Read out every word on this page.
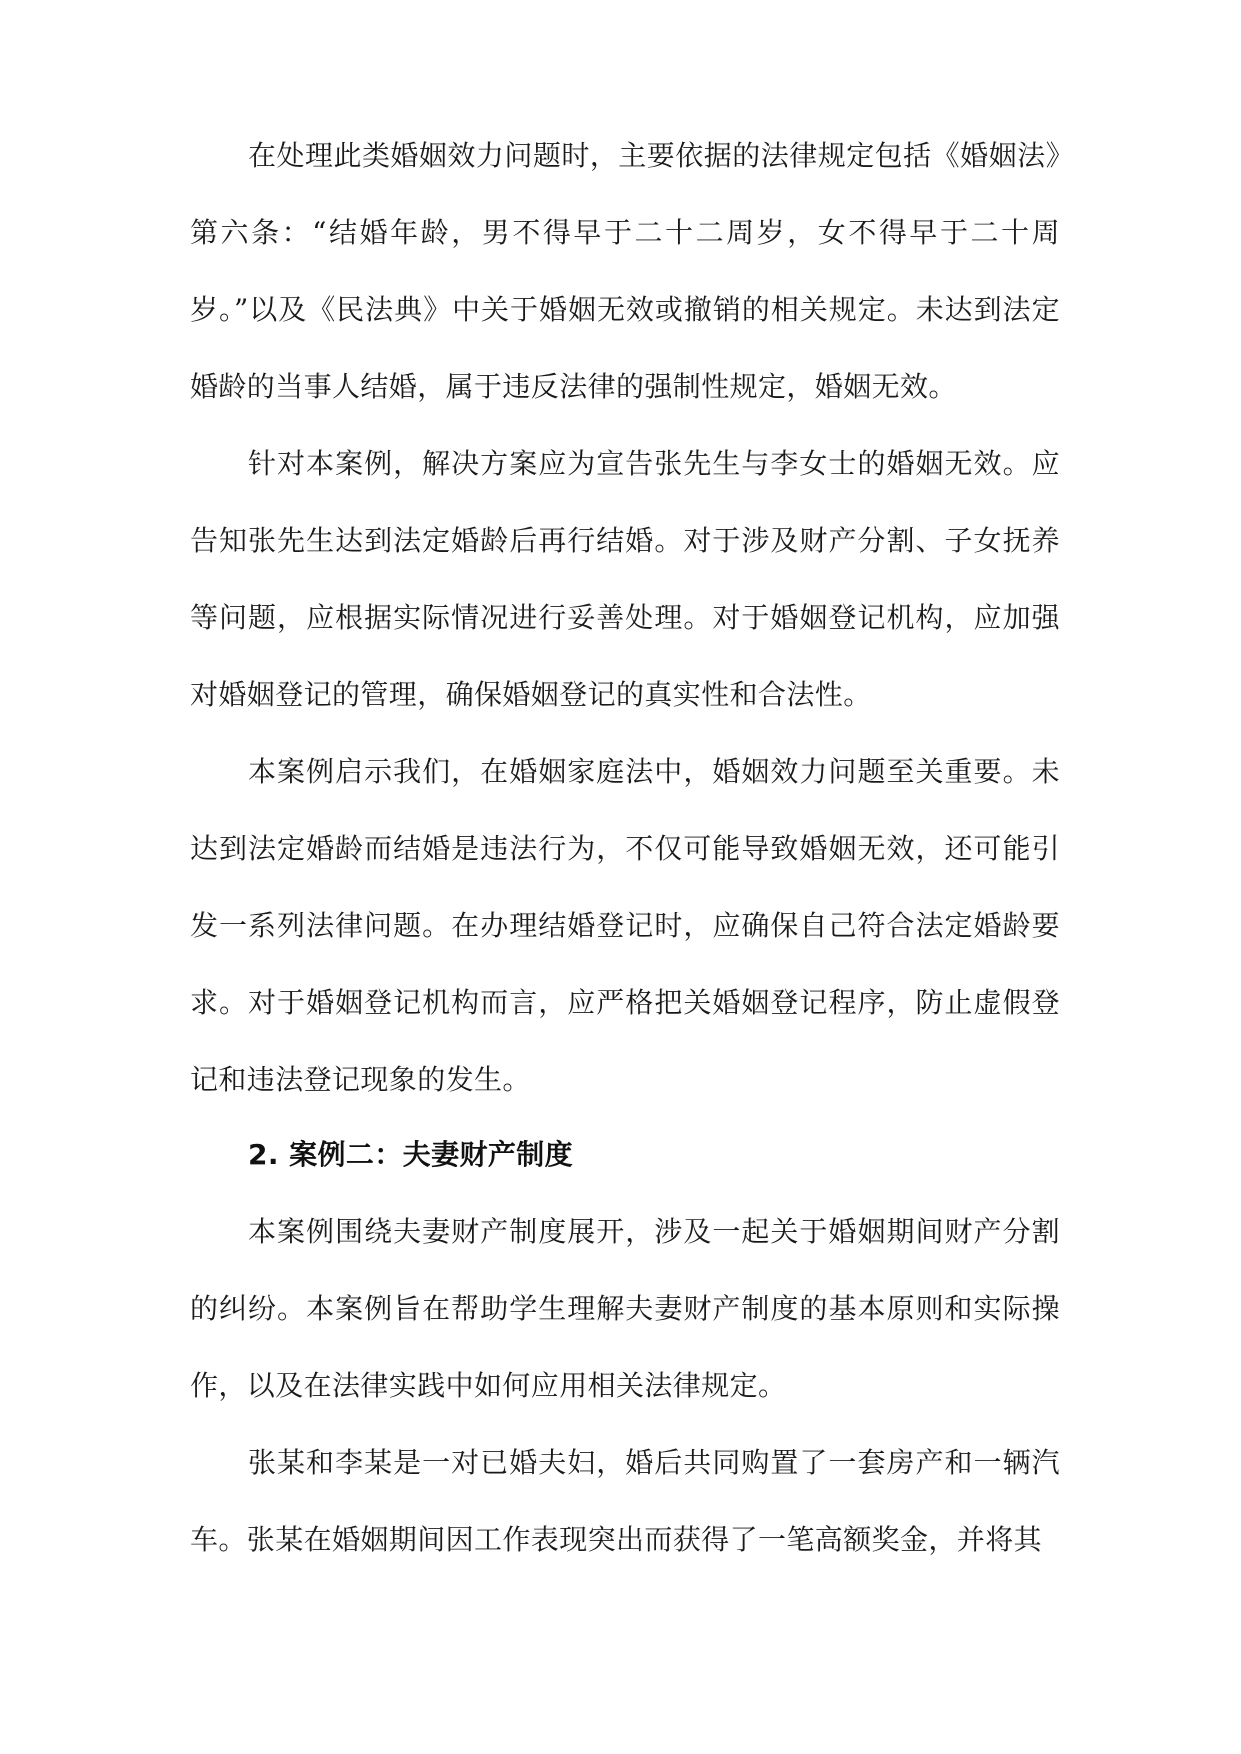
在处理此类婚姻效力问题时，主要依据的法律规定包括《婚姻法》第六条：“结婚年龄，男不得早于二十二周岁，女不得早于二十周岁。”以及《民法典》中关于婚姻无效或撤销的相关规定。未达到法定婚龄的当事人结婚，属于违反法律的强制性规定，婚姻无效。

针对本案例，解决方案应为宣告张先生与李女士的婚姻无效。应告知张先生达到法定婚龄后再行结婚。对于涉及财产分割、子女抚养等问题，应根据实际情况进行妥善处理。对于婚姻登记机构，应加强对婚姻登记的管理，确保婚姻登记的真实性和合法性。

本案例启示我们，在婚姻家庭法中，婚姻效力问题至关重要。未达到法定婚龄而结婚是违法行为，不仅可能导致婚姻无效，还可能引发一系列法律问题。在办理结婚登记时，应确保自己符合法定婚龄要求。对于婚姻登记机构而言，应严格把关婚姻登记程序，防止虚假登记和违法登记现象的发生。

2. 案例二：夫妻财产制度

本案例围绕夫妻财产制度展开，涉及一起关于婚姻期间财产分割的纠纷。本案例旨在帮助学生理解夫妻财产制度的基本原则和实际操作，以及在法律实践中如何应用相关法律规定。

张某和李某是一对已婚夫妇，婚后共同购置了一套房产和一辆汽车。张某在婚姻期间因工作表现突出而获得了一笔高额奖金，并将其
